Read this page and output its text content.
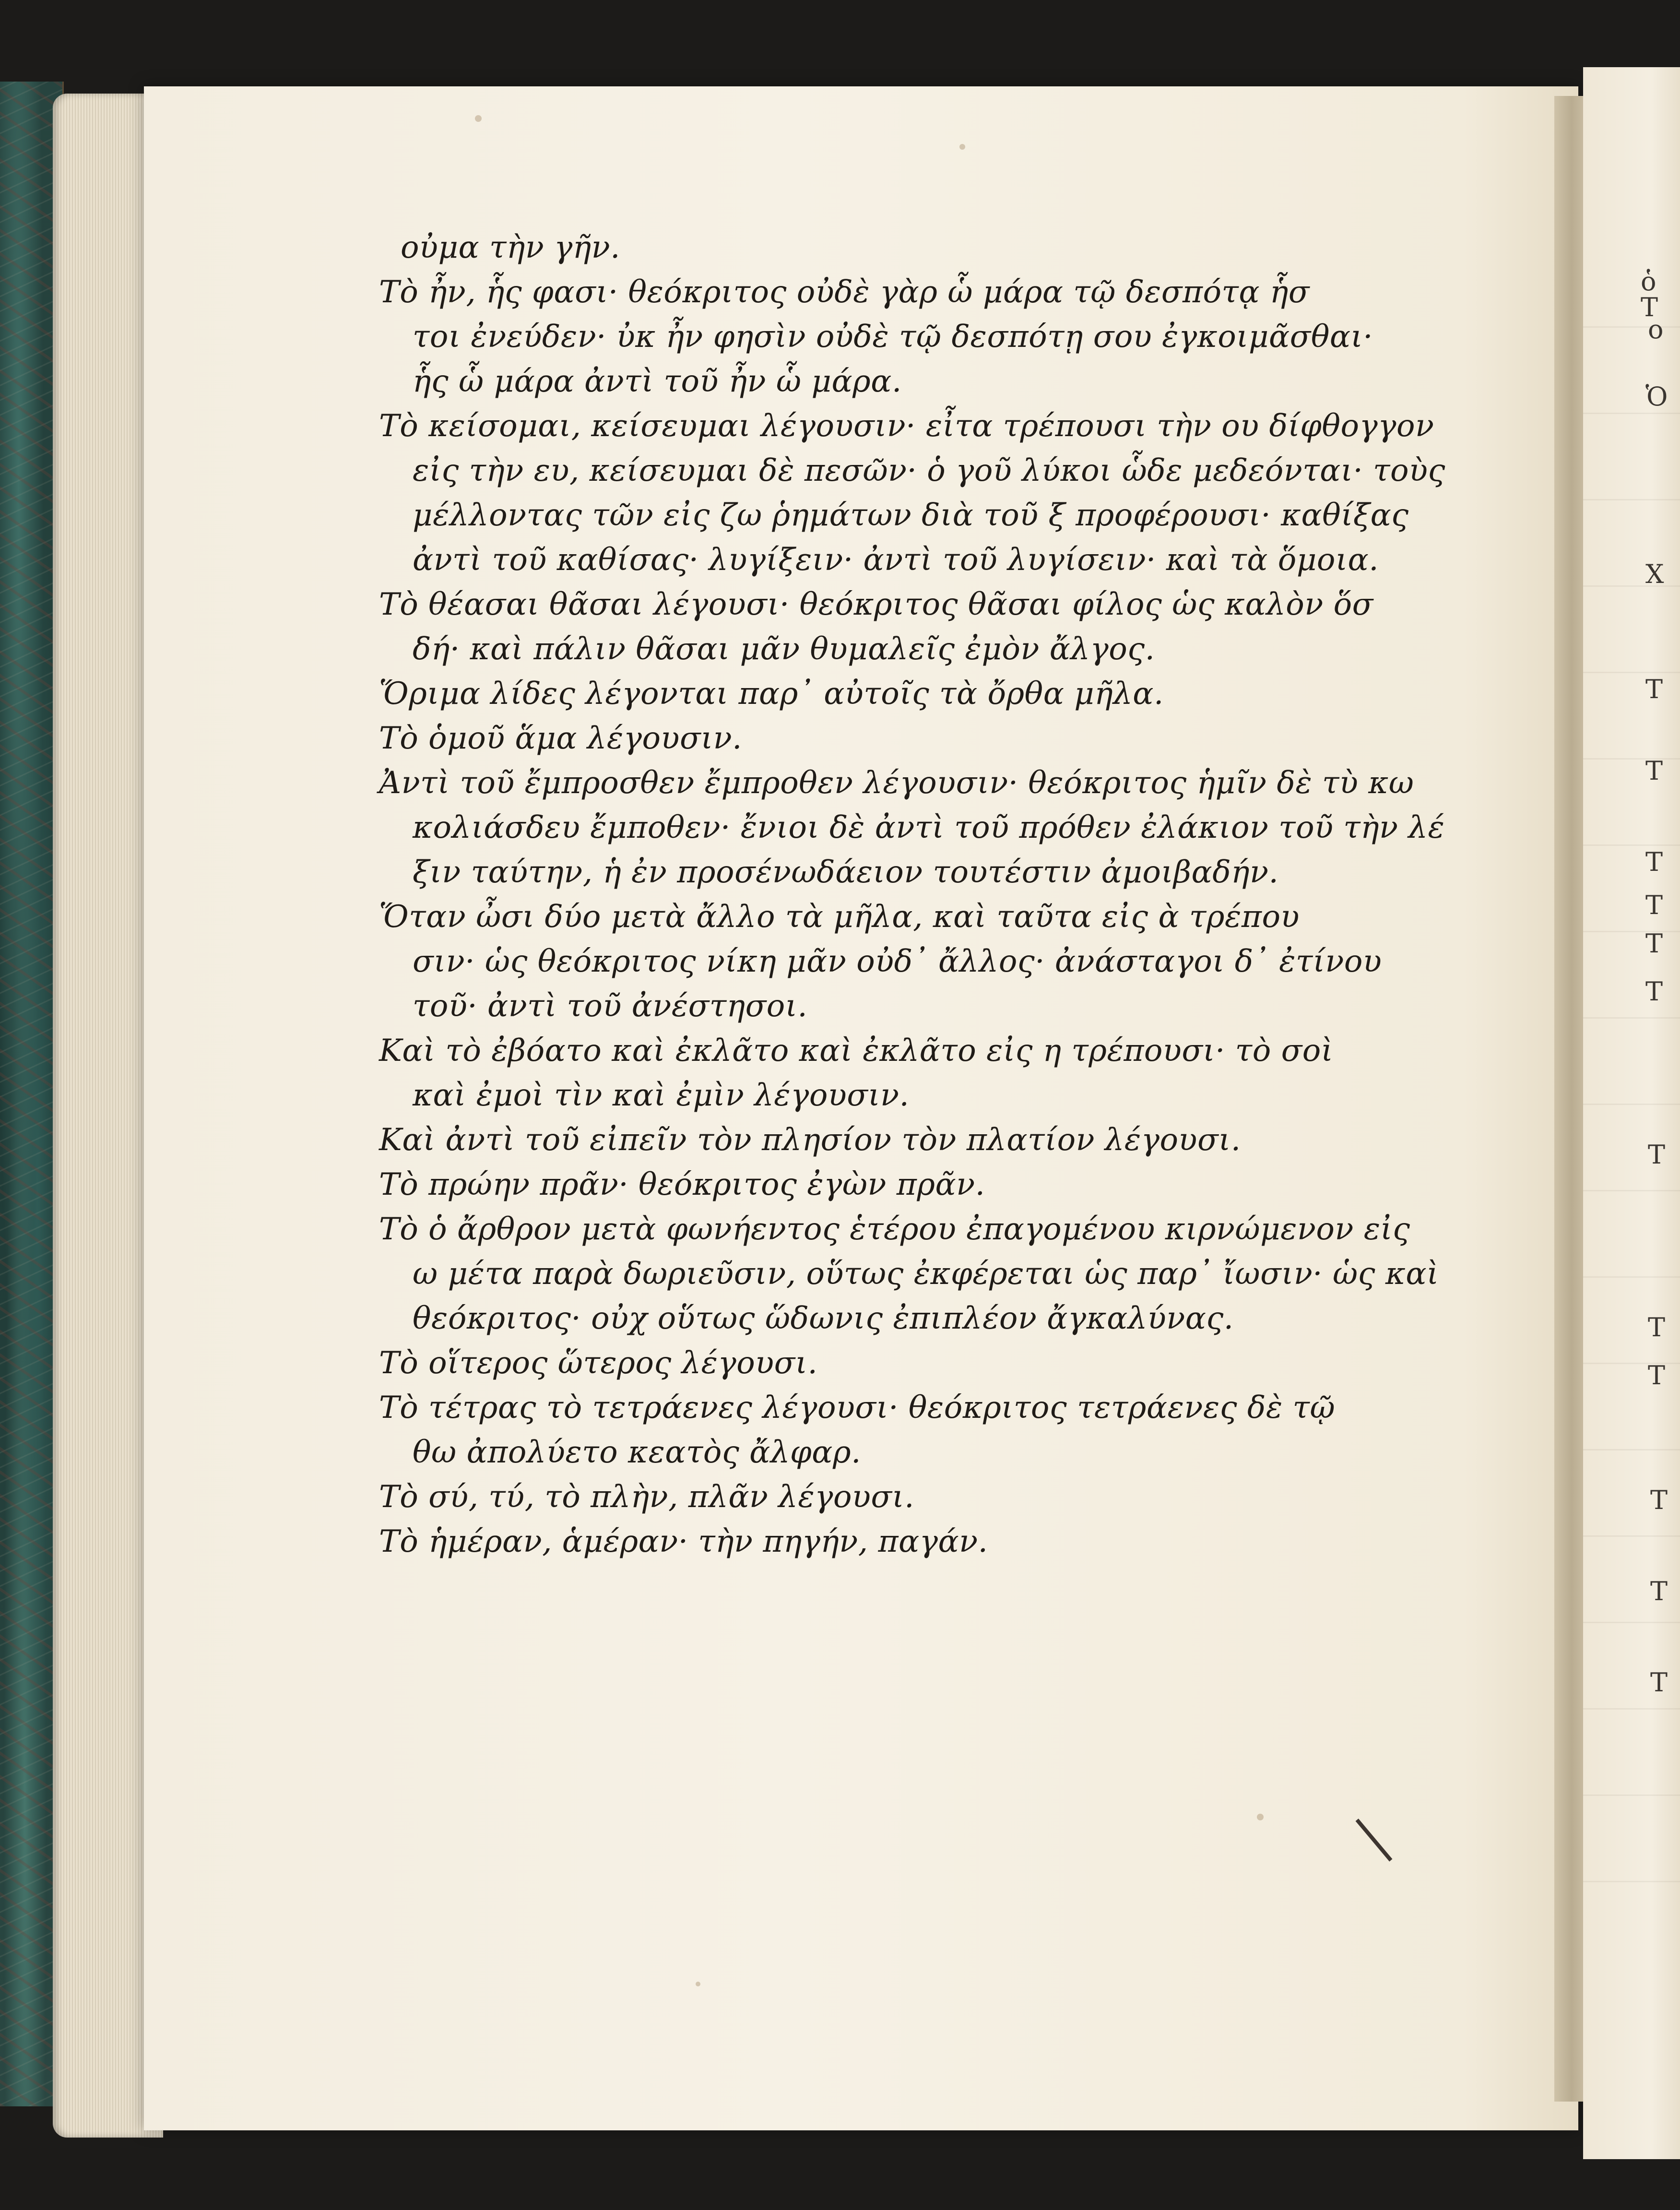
ὁ Τ
ο
Ὁ
Χ
Τ
Τ
Τ
Τ
Τ
Τ
Τ
Τ
Τ
Τ
Τ
Τ
οὐμα τὴν γῆν.
Τὸ ἦν, ἧς φασι· θεόκριτος οὐδὲ γὰρ ὧ μάρα τῷ δεσπότᾳ ἧσ
τοι ἐνεύδεν· ὐκ ἦν φησὶν οὐδὲ τῷ δεσπότῃ σου ἐγκοιμᾶσθαι·
ἧς ὧ μάρα ἀντὶ τοῦ ἦν ὧ μάρα.
Τὸ κείσομαι, κείσευμαι λέγουσιν· εἶτα τρέπουσι τὴν ου δίφθογγον
εἰς τὴν ευ, κείσευμαι δὲ πεσῶν· ὁ γοῦ λύκοι ὧδε μεδεόνται· τοὺς
μέλλοντας τῶν εἰς ζω ῥημάτων διὰ τοῦ ξ προφέρουσι· καθίξας
ἀντὶ τοῦ καθίσας· λυγίξειν· ἀντὶ τοῦ λυγίσειν· καὶ τὰ ὅμοια.
Τὸ θέασαι θᾶσαι λέγουσι· θεόκριτος θᾶσαι φίλος ὡς καλὸν ὅσ
δή· καὶ πάλιν θᾶσαι μᾶν θυμαλεῖς ἐμὸν ἄλγος.
Ὅριμα λίδες λέγονται παρ᾽ αὐτοῖς τὰ ὄρθα μῆλα.
Τὸ ὁμοῦ ἅμα λέγουσιν.
Ἀντὶ τοῦ ἔμπροσθεν ἔμπροθεν λέγουσιν· θεόκριτος ἡμῖν δὲ τὺ κω
κολιάσδευ ἔμποθεν· ἔνιοι δὲ ἀντὶ τοῦ πρόθεν ἐλάκιον τοῦ τὴν λέ
ξιν ταύτην, ἡ ἐν προσένωδάειον τουτέστιν ἀμοιβαδήν.
Ὅταν ὦσι δύο μετὰ ἄλλο τὰ μῆλα, καὶ ταῦτα εἰς ὰ τρέπου
σιν· ὡς θεόκριτος νίκη μᾶν οὐδ᾽ ἄλλος· ἀνάσταγοι δ᾽ ἐτίνου
τοῦ· ἀντὶ τοῦ ἀνέστησοι.
Καὶ τὸ ἐβόατο καὶ ἐκλᾶτο καὶ ἐκλᾶτο εἰς η τρέπουσι· τὸ σοὶ
καὶ ἐμοὶ τὶν καὶ ἐμὶν λέγουσιν.
Καὶ ἀντὶ τοῦ εἰπεῖν τὸν πλησίον τὸν πλατίον λέγουσι.
Τὸ πρώην πρᾶν· θεόκριτος ἐγὼν πρᾶν.
Τὸ ὁ ἄρθρον μετὰ φωνήεντος ἑτέρου ἐπαγομένου κιρνώμενον εἰς
ω μέτα παρὰ δωριεῦσιν, οὕτως ἐκφέρεται ὡς παρ᾽ ἴωσιν· ὡς καὶ
θεόκριτος· οὐχ οὕτως ὥδωνις ἐπιπλέον ἄγκαλύνας.
Τὸ οἵτερος ὥτερος λέγουσι.
Τὸ τέτρας τὸ τετράενες λέγουσι· θεόκριτος τετράενες δὲ τῷ
θω ἀπολύετο κεατὸς ἄλφαρ.
Τὸ σύ, τύ, τὸ πλὴν, πλᾶν λέγουσι.
Τὸ ἡμέραν, ἁμέραν· τὴν πηγήν, παγάν.
